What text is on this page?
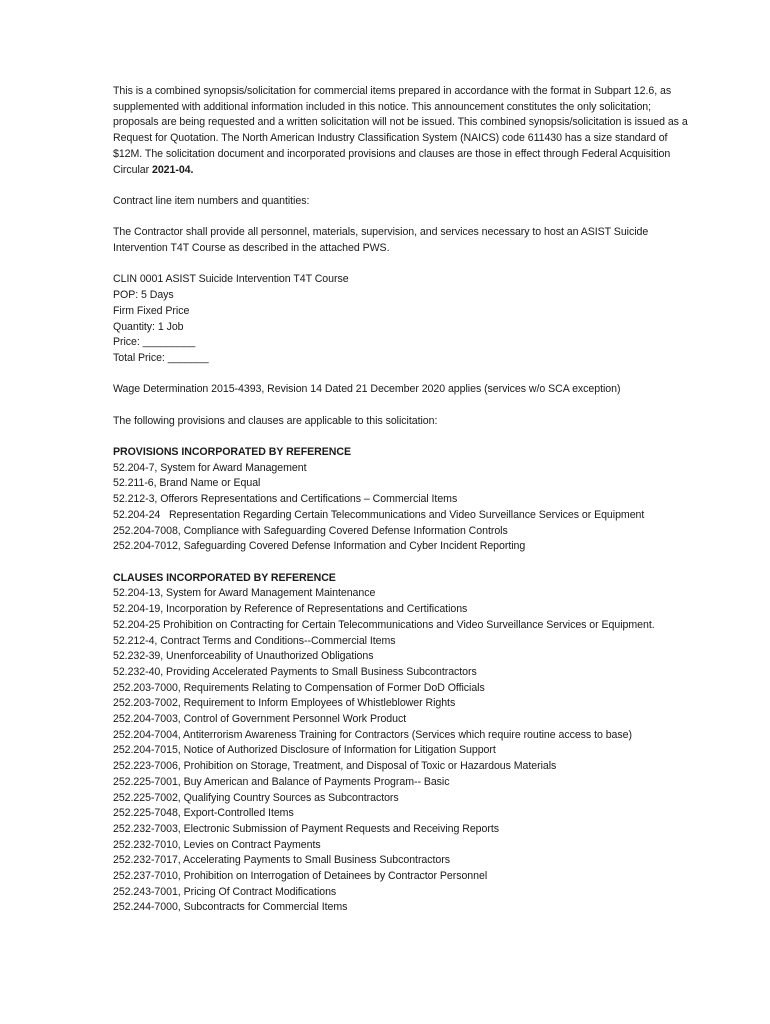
This is a combined synopsis/solicitation for commercial items prepared in accordance with the format in Subpart 12.6, as supplemented with additional information included in this notice. This announcement constitutes the only solicitation; proposals are being requested and a written solicitation will not be issued. This combined synopsis/solicitation is issued as a Request for Quotation. The North American Industry Classification System (NAICS) code 611430 has a size standard of $12M. The solicitation document and incorporated provisions and clauses are those in effect through Federal Acquisition Circular 2021-04.

Contract line item numbers and quantities:

The Contractor shall provide all personnel, materials, supervision, and services necessary to host an ASIST Suicide Intervention T4T Course as described in the attached PWS.

CLIN 0001 ASIST Suicide Intervention T4T Course
POP: 5 Days
Firm Fixed Price
Quantity: 1 Job
Price: _________
Total Price: _______

Wage Determination 2015-4393, Revision 14 Dated 21 December 2020 applies (services w/o SCA exception)

The following provisions and clauses are applicable to this solicitation:

PROVISIONS INCORPORATED BY REFERENCE
52.204-7, System for Award Management
52.211-6, Brand Name or Equal
52.212-3, Offerors Representations and Certifications – Commercial Items
52.204-24   Representation Regarding Certain Telecommunications and Video Surveillance Services or Equipment
252.204-7008, Compliance with Safeguarding Covered Defense Information Controls
252.204-7012, Safeguarding Covered Defense Information and Cyber Incident Reporting
CLAUSES INCORPORATED BY REFERENCE
52.204-13, System for Award Management Maintenance
52.204-19, Incorporation by Reference of Representations and Certifications
52.204-25 Prohibition on Contracting for Certain Telecommunications and Video Surveillance Services or Equipment.
52.212-4, Contract Terms and Conditions--Commercial Items
52.232-39, Unenforceability of Unauthorized Obligations
52.232-40, Providing Accelerated Payments to Small Business Subcontractors
252.203-7000, Requirements Relating to Compensation of Former DoD Officials
252.203-7002, Requirement to Inform Employees of Whistleblower Rights
252.204-7003, Control of Government Personnel Work Product
252.204-7004, Antiterrorism Awareness Training for Contractors (Services which require routine access to base)
252.204-7015, Notice of Authorized Disclosure of Information for Litigation Support
252.223-7006, Prohibition on Storage, Treatment, and Disposal of Toxic or Hazardous Materials
252.225-7001, Buy American and Balance of Payments Program-- Basic
252.225-7002, Qualifying Country Sources as Subcontractors
252.225-7048, Export-Controlled Items
252.232-7003, Electronic Submission of Payment Requests and Receiving Reports
252.232-7010, Levies on Contract Payments
252.232-7017, Accelerating Payments to Small Business Subcontractors
252.237-7010, Prohibition on Interrogation of Detainees by Contractor Personnel
252.243-7001, Pricing Of Contract Modifications
252.244-7000, Subcontracts for Commercial Items
